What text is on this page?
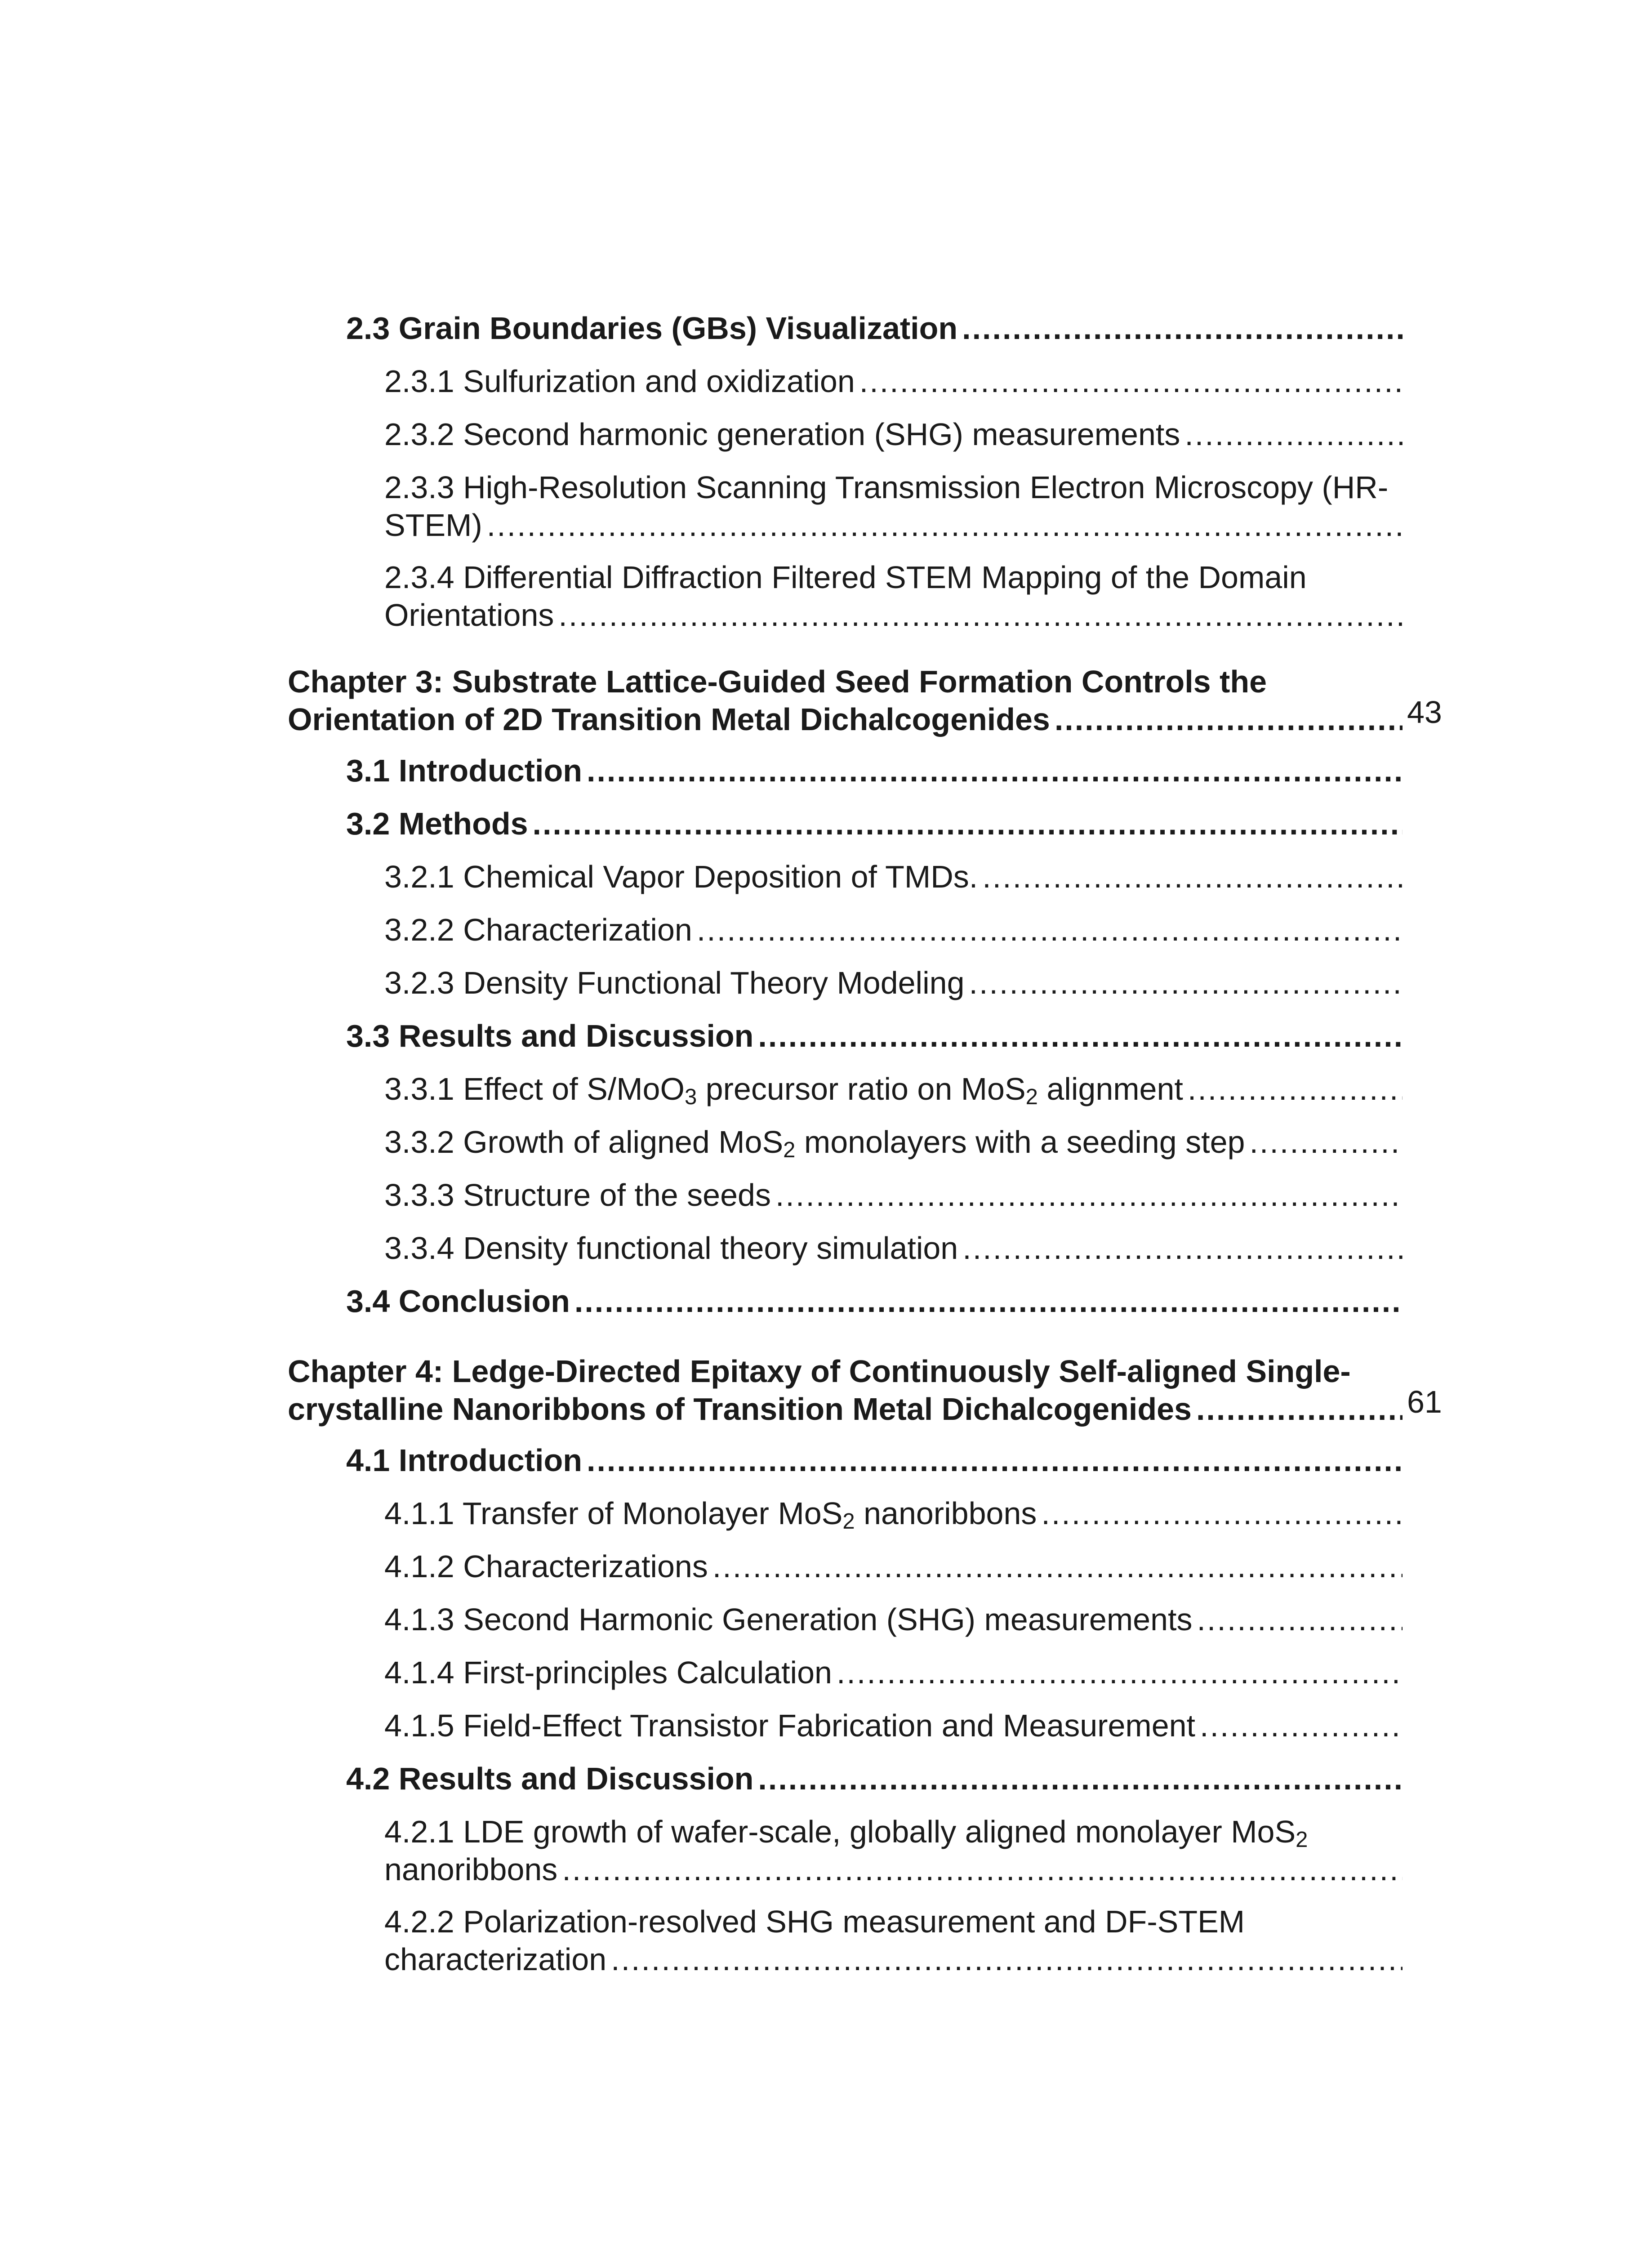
2.3 Grain Boundaries (GBs) Visualization
.....
2.3.1 Sulfurization and oxidization
.....
2.3.2 Second harmonic generation (SHG) measurements
.....
2.3.3 High-Resolution Scanning Transmission Electron Microscopy (HR-
STEM)
.....
2.3.4 Differential Diffraction Filtered STEM Mapping of the Domain
Orientations
.....
Chapter 3: Substrate Lattice-Guided Seed Formation Controls the
Orientation of 2D Transition Metal Dichalcogenides .....	43
3.1 Introduction
.....
3.2 Methods
.....
3.2.1 Chemical Vapor Deposition of TMDs.
.....
3.2.2 Characterization
.....
3.2.3 Density Functional Theory Modeling
.....
3.3 Results and Discussion
.....
3.3.1 Effect of S/MoO$_3$ precursor ratio on MoS$_2$ alignment
.....
3.3.2 Growth of aligned MoS$_2$ monolayers with a seeding step
.....
3.3.3 Structure of the seeds
.....
3.3.4 Density functional theory simulation
.....
3.4 Conclusion
.....
Chapter 4: Ledge-Directed Epitaxy of Continuously Self-aligned Single-
crystalline Nanoribbons of Transition Metal Dichalcogenides .....	61
4.1 Introduction
.....
4.1.1 Transfer of Monolayer MoS$_2$ nanoribbons
.....
4.1.2 Characterizations
.....
4.1.3 Second Harmonic Generation (SHG) measurements
.....
4.1.4 First-principles Calculation
.....
4.1.5 Field-Effect Transistor Fabrication and Measurement
.....
4.2 Results and Discussion
.....
4.2.1 LDE growth of wafer-scale, globally aligned monolayer MoS$_2$
nanoribbons
.....
4.2.2 Polarization-resolved SHG measurement and DF-STEM
characterization
.....
